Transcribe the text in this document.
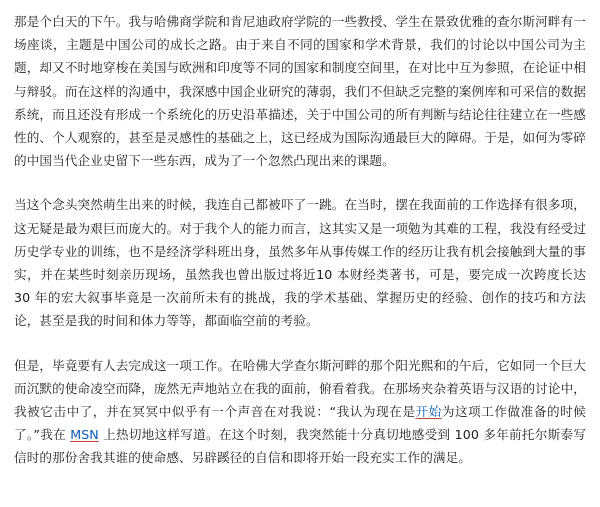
那是个白天的下午。我与哈佛商学院和肯尼迪政府学院的一些教授、学生在景致优雅的查尔斯河畔有一场座谈，主题是中国公司的成长之路。由于来自不同的国家和学术背景，我们的讨论以中国公司为主题，却又不时地穿梭在美国与欧洲和印度等不同的国家和制度空间里，在对比中互为参照，在论证中相与辩驳。而在这样的沟通中，我深感中国企业研究的薄弱，我们不但缺乏完整的案例库和可采信的数据系统，而且还没有形成一个系统化的历史沿革描述，关于中国公司的所有判断与结论往往建立在一些感性的、个人观察的，甚至是灵感性的基础之上，这已经成为国际沟通最巨大的障碍。于是，如何为零碎的中国当代企业史留下一些东西，成为了一个忽然凸现出来的课题。

当这个念头突然萌生出来的时候，我连自己都被吓了一跳。在当时，摆在我面前的工作选择有很多项，这无疑是最为艰巨而庞大的。对于我个人的能力而言，这其实又是一项勉为其难的工程，我没有经受过历史学专业的训练，也不是经济学科班出身，虽然多年从事传媒工作的经历让我有机会接触到大量的事实，并在某些时刻亲历现场，虽然我也曾出版过将近10 本财经类著书，可是，要完成一次跨度长达 30 年的宏大叙事毕竟是一次前所未有的挑战，我的学术基础、掌握历史的经验、创作的技巧和方法论，甚至是我的时间和体力等等，都面临空前的考验。

但是，毕竟要有人去完成这一项工作。在哈佛大学查尔斯河畔的那个阳光熙和的午后，它如同一个巨大而沉默的使命凌空而降，庞然无声地站立在我的面前，俯看着我。在那场夹杂着英语与汉语的讨论中，我被它击中了，并在冥冥中似乎有一个声音在对我说：“我认为现在是开始为这项工作做准备的时候了。”我在 MSN 上热切地这样写道。在这个时刻，我突然能十分真切地感受到 100 多年前托尔斯泰写信时的那份舍我其谁的使命感、另辟蹊径的自信和即将开始一段充实工作的满足。
